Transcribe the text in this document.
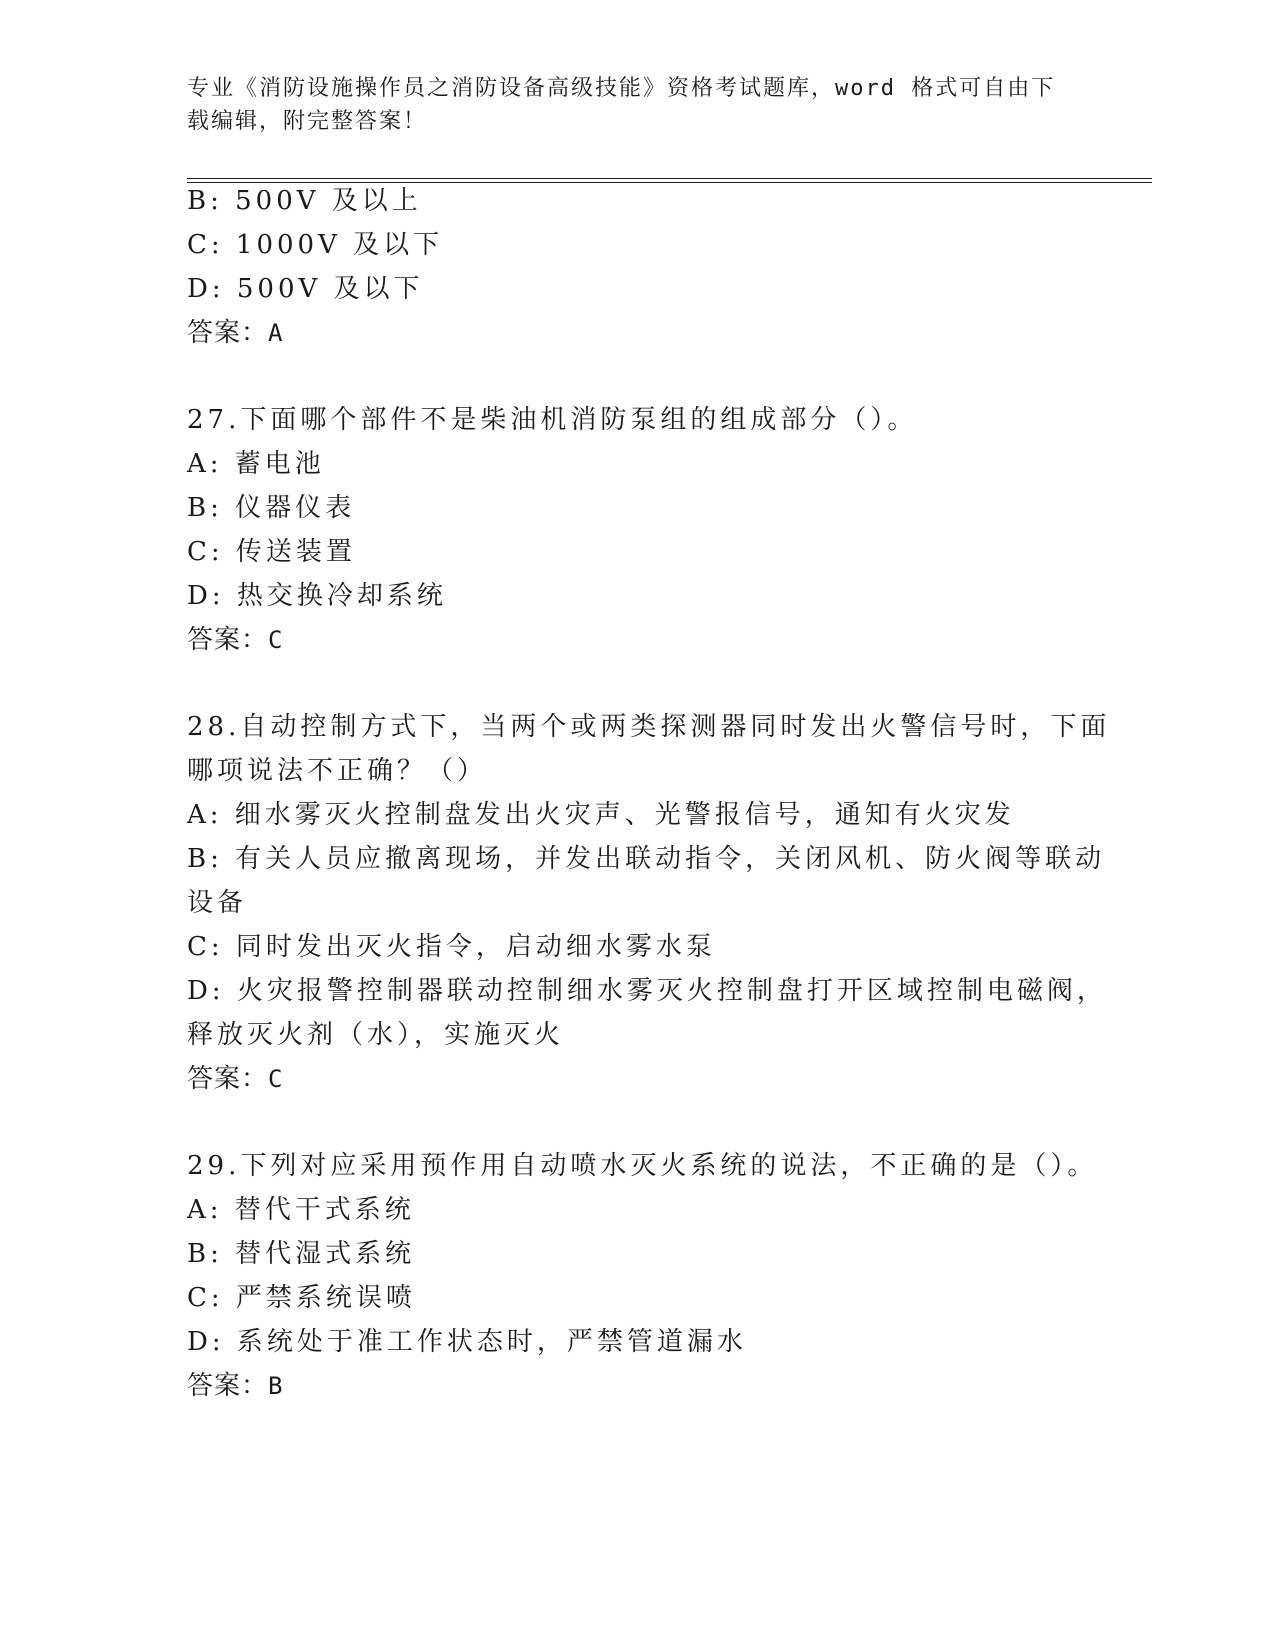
专业《消防设施操作员之消防设备高级技能》资格考试题库，word 格式可自由下
载编辑，附完整答案！
B: 500V 及以上
C: 1000V 及以下
D: 500V 及以下
答案：A
27.下面哪个部件不是柴油机消防泵组的组成部分（）。
A: 蓄电池
B: 仪器仪表
C: 传送装置
D: 热交换冷却系统
答案：C
28.自动控制方式下，当两个或两类探测器同时发出火警信号时，下面
哪项说法不正确？（）
A: 细水雾灭火控制盘发出火灾声、光警报信号，通知有火灾发
B: 有关人员应撤离现场，并发出联动指令，关闭风机、防火阀等联动
设备
C: 同时发出灭火指令，启动细水雾水泵
D: 火灾报警控制器联动控制细水雾灭火控制盘打开区域控制电磁阀，
释放灭火剂（水），实施灭火
答案：C
29.下列对应采用预作用自动喷水灭火系统的说法，不正确的是（）。
A: 替代干式系统
B: 替代湿式系统
C: 严禁系统误喷
D: 系统处于准工作状态时，严禁管道漏水
答案：B
